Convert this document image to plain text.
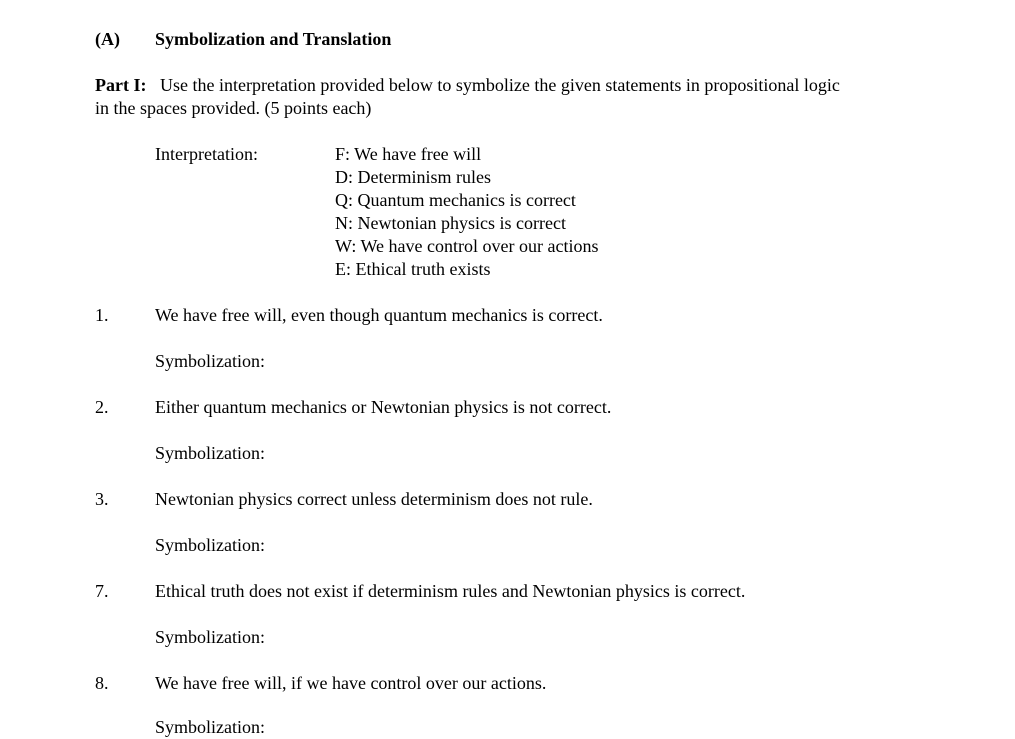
(A) Symbolization and Translation
Part I: Use the interpretation provided below to symbolize the given statements in propositional logic
in the spaces provided. (5 points each)
Interpretation:	F: We have free will
D: Determinism rules
Q: Quantum mechanics is correct
N: Newtonian physics is correct
W: We have control over our actions
E: Ethical truth exists
1.	We have free will, even though quantum mechanics is correct.
Symbolization:
2.	Either quantum mechanics or Newtonian physics is not correct.
Symbolization:
3.	Newtonian physics correct unless determinism does not rule.
Symbolization:
7.	Ethical truth does not exist if determinism rules and Newtonian physics is correct.
Symbolization:
8.	We have free will, if we have control over our actions.
Symbolization:
